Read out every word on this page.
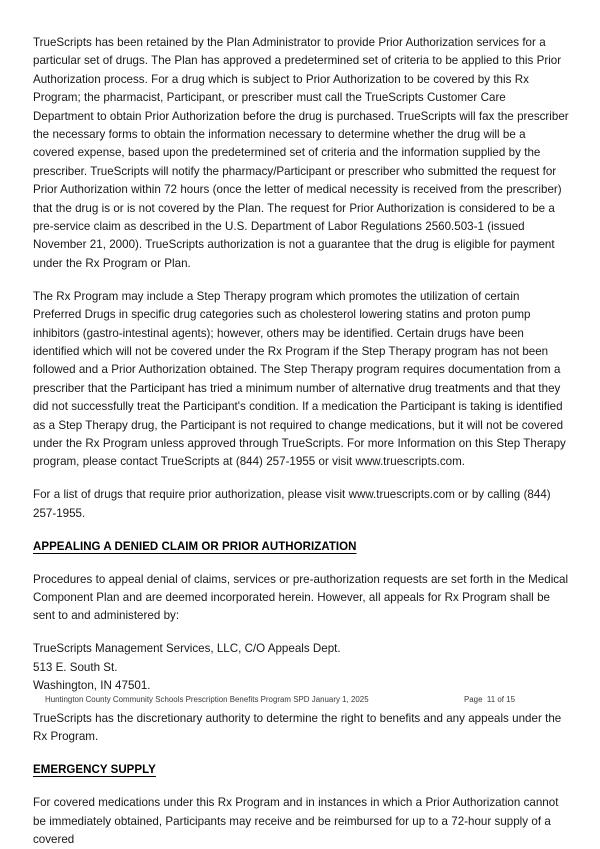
TrueScripts has been retained by the Plan Administrator to provide Prior Authorization services for a particular set of drugs. The Plan has approved a predetermined set of criteria to be applied to this Prior Authorization process. For a drug which is subject to Prior Authorization to be covered by this Rx Program; the pharmacist, Participant, or prescriber must call the TrueScripts Customer Care Department to obtain Prior Authorization before the drug is purchased. TrueScripts will fax the prescriber the necessary forms to obtain the information necessary to determine whether the drug will be a covered expense, based upon the predetermined set of criteria and the information supplied by the prescriber. TrueScripts will notify the pharmacy/Participant or prescriber who submitted the request for Prior Authorization within 72 hours (once the letter of medical necessity is received from the prescriber) that the drug is or is not covered by the Plan. The request for Prior Authorization is considered to be a pre-service claim as described in the U.S. Department of Labor Regulations 2560.503-1 (issued November 21, 2000). TrueScripts authorization is not a guarantee that the drug is eligible for payment under the Rx Program or Plan.

The Rx Program may include a Step Therapy program which promotes the utilization of certain Preferred Drugs in specific drug categories such as cholesterol lowering statins and proton pump inhibitors (gastro-intestinal agents); however, others may be identified. Certain drugs have been identified which will not be covered under the Rx Program if the Step Therapy program has not been followed and a Prior Authorization obtained. The Step Therapy program requires documentation from a prescriber that the Participant has tried a minimum number of alternative drug treatments and that they did not successfully treat the Participant's condition. If a medication the Participant is taking is identified as a Step Therapy drug, the Participant is not required to change medications, but it will not be covered under the Rx Program unless approved through TrueScripts. For more Information on this Step Therapy program, please contact TrueScripts at (844) 257-1955 or visit www.truescripts.com.

For a list of drugs that require prior authorization, please visit www.truescripts.com or by calling (844) 257-1955.

APPEALING A DENIED CLAIM OR PRIOR AUTHORIZATION

Procedures to appeal denial of claims, services or pre-authorization requests are set forth in the Medical Component Plan and are deemed incorporated herein. However, all appeals for Rx Program shall be sent to and administered by:

TrueScripts Management Services, LLC, C/O Appeals Dept.
513 E. South St.
Washington, IN 47501.

TrueScripts has the discretionary authority to determine the right to benefits and any appeals under the Rx Program.

EMERGENCY SUPPLY

For covered medications under this Rx Program and in instances in which a Prior Authorization cannot be immediately obtained, Participants may receive and be reimbursed for up to a 72-hour supply of a covered

Huntington County Community Schools Prescription Benefits Program SPD January 1, 2025	Page  11 of 15
